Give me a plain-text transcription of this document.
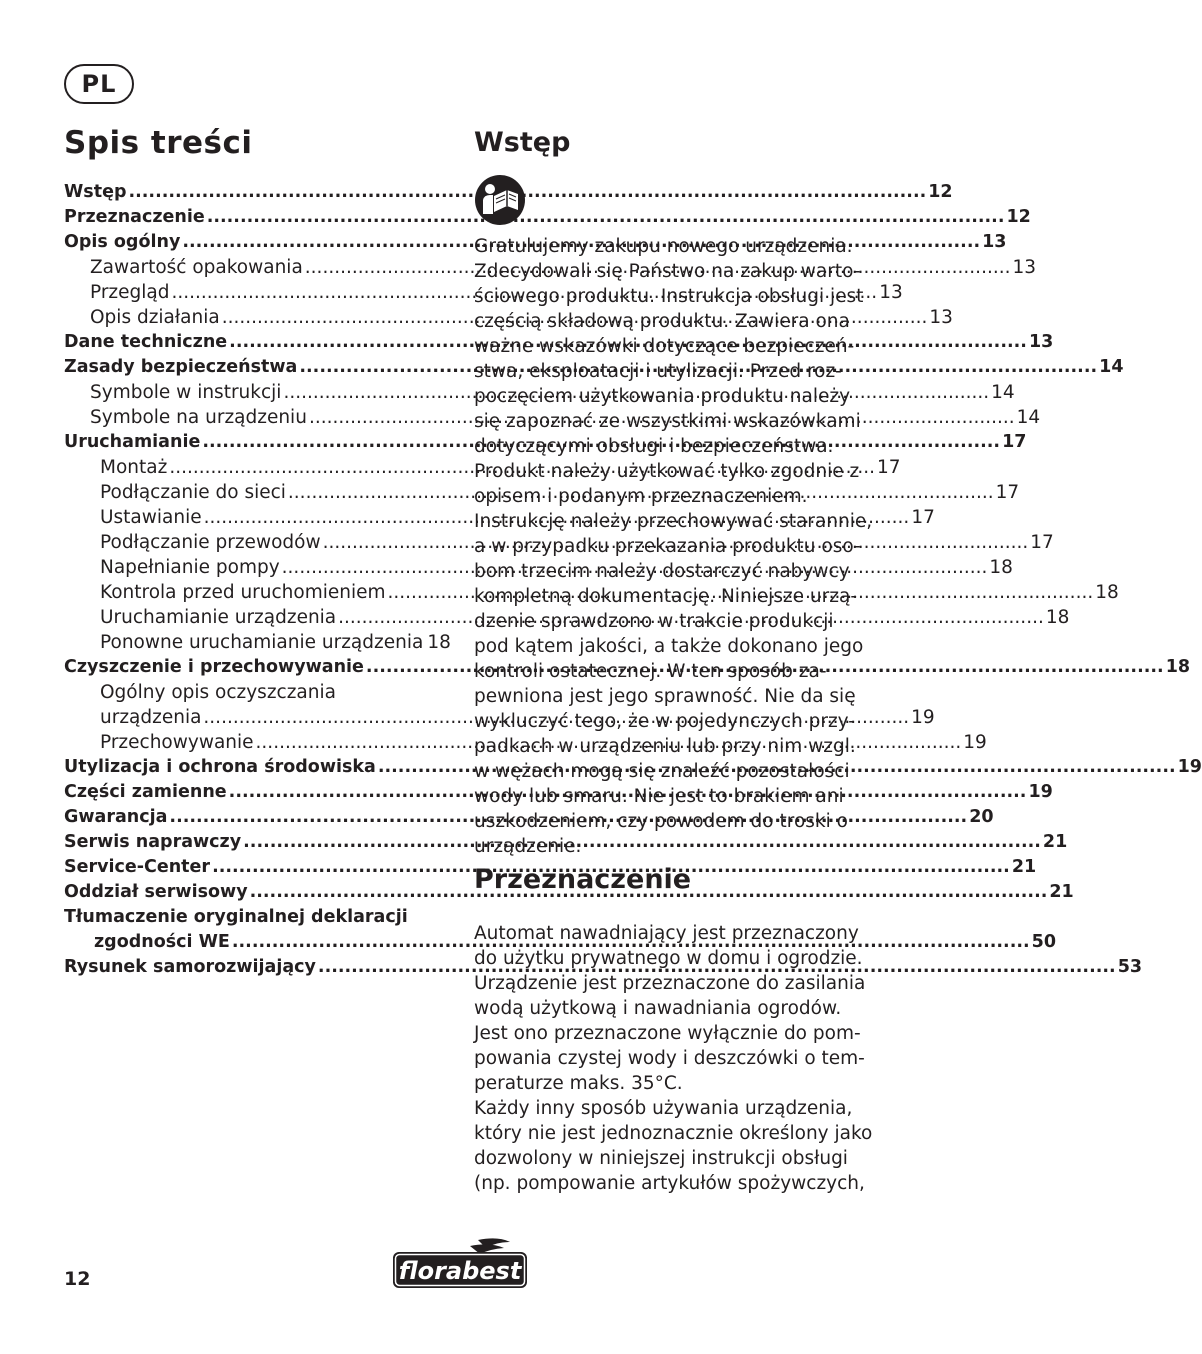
PL
Spis treści
Wstęp .....	12
Przeznaczenie .....	12
Opis ogólny .....	13
Zawartość opakowania .....	13
Przegląd .....	13
Opis działania .....	13
Dane techniczne .....	13
Zasady bezpieczeństwa .....	14
Symbole w instrukcji .....	14
Symbole na urządzeniu .....	14
Uruchamianie .....	17
Montaż .....	17
Podłączanie do sieci .....	17
Ustawianie .....	17
Podłączanie przewodów .....	17
Napełnianie pompy .....	18
Kontrola przed uruchomieniem .....	18
Uruchamianie urządzenia .....	18
Ponowne uruchamianie urządzenia 18
Czyszczenie i przechowywanie .....	18
Ogólny opis oczyszczania
urządzenia .....	19
Przechowywanie .....	19
Utylizacja i ochrona środowiska .....	19
Części zamienne .....	19
Gwarancja .....	20
Serwis naprawczy .....	21
Service-Center .....	21
Oddział serwisowy .....	21
Tłumaczenie oryginalnej deklaracji
zgodności WE .....	50
Rysunek samorozwijający .....	53
Wstęp

Gratulujemy zakupu nowego urządzenia.

Zdecydowali się Państwo na zakup warto-

ściowego produktu. Instrukcja obsługi jest

częścią składową produktu. Zawiera ona

ważne wskazówki dotyczące bezpieczeń-

stwa, eksploatacji i utylizacji. Przed roz-

poczęciem użytkowania produktu należy

się zapoznać ze wszystkimi wskazówkami

dotyczącymi obsługi i bezpieczeństwa.

Produkt należy użytkować tylko zgodnie z

opisem i podanym przeznaczeniem.

Instrukcję należy przechowywać starannie,

a w przypadku przekazania produktu oso-

bom trzecim należy dostarczyć nabywcy

kompletną dokumentację. Niniejsze urzą-

dzenie sprawdzono w trakcie produkcji

pod kątem jakości, a także dokonano jego

kontroli ostatecznej. W ten sposób za-

pewniona jest jego sprawność. Nie da się

wykluczyć tego, że w pojedynczych przy-

padkach w urządzeniu lub przy nim wzgl.

w wężach mogą się znaleźć pozostałości

wody lub smaru. Nie jest to brakiem ani

uszkodzeniem, czy powodem do troski o

urządzenie.

Przeznaczenie

Automat nawadniający jest przeznaczony

do użytku prywatnego w domu i ogrodzie.

Urządzenie jest przeznaczone do zasilania

wodą użytkową i nawadniania ogrodów.

Jest ono przeznaczone wyłącznie do pom-

powania czystej wody i deszczówki o tem-

peraturze maks. 35°C.

Każdy inny sposób używania urządzenia,

który nie jest jednoznacznie określony jako

dozwolony w niniejszej instrukcji obsługi

(np. pompowanie artykułów spożywczych,

12	florabest
